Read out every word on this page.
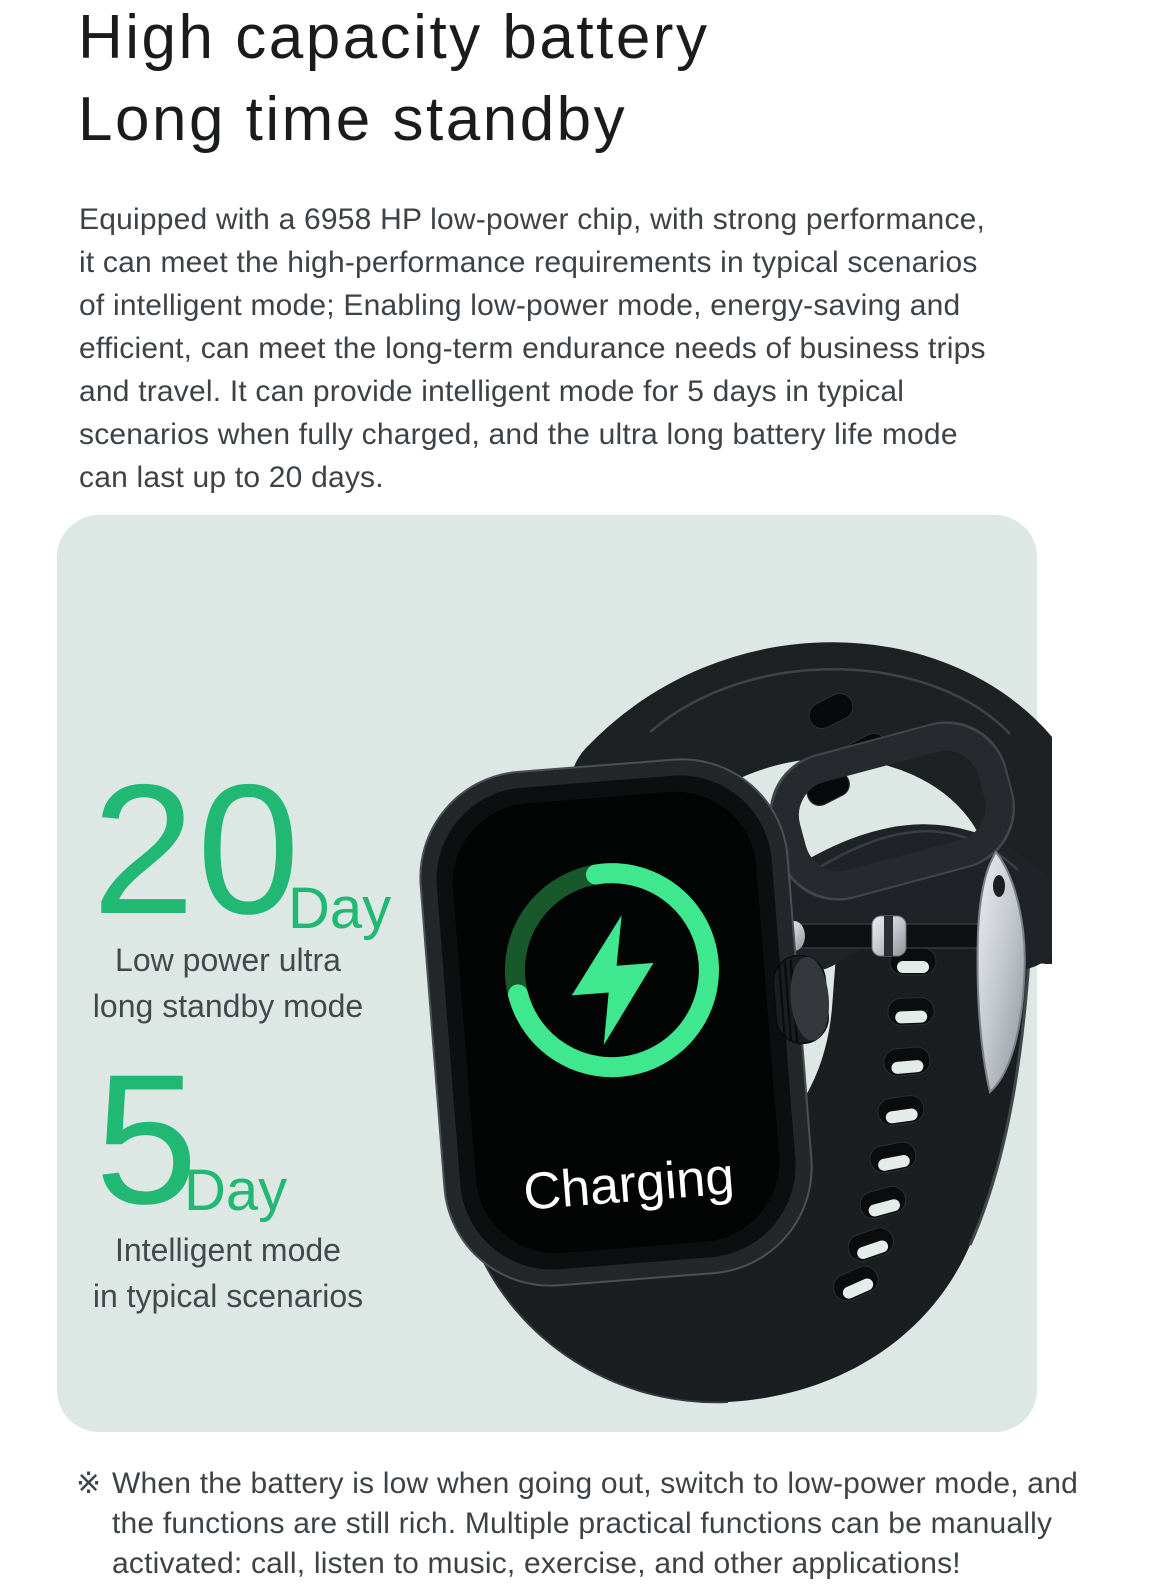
High capacity battery
Long time standby
Equipped with a 6958 HP low-power chip, with strong performance,
it can meet the high-performance requirements in typical scenarios
of intelligent mode; Enabling low-power mode, energy-saving and
efficient, can meet the long-term endurance needs of business trips
and travel. It can provide intelligent mode for 5 days in typical
scenarios when fully charged, and the ultra long battery life mode
can last up to 20 days.
20
Day
Low power ultra
long standby mode
5
Day
Intelligent mode
in typical scenarios
Charging
※ When the battery is low when going out, switch to low-power mode, and
the functions are still rich. Multiple practical functions can be manually
activated: call, listen to music, exercise, and other applications!
